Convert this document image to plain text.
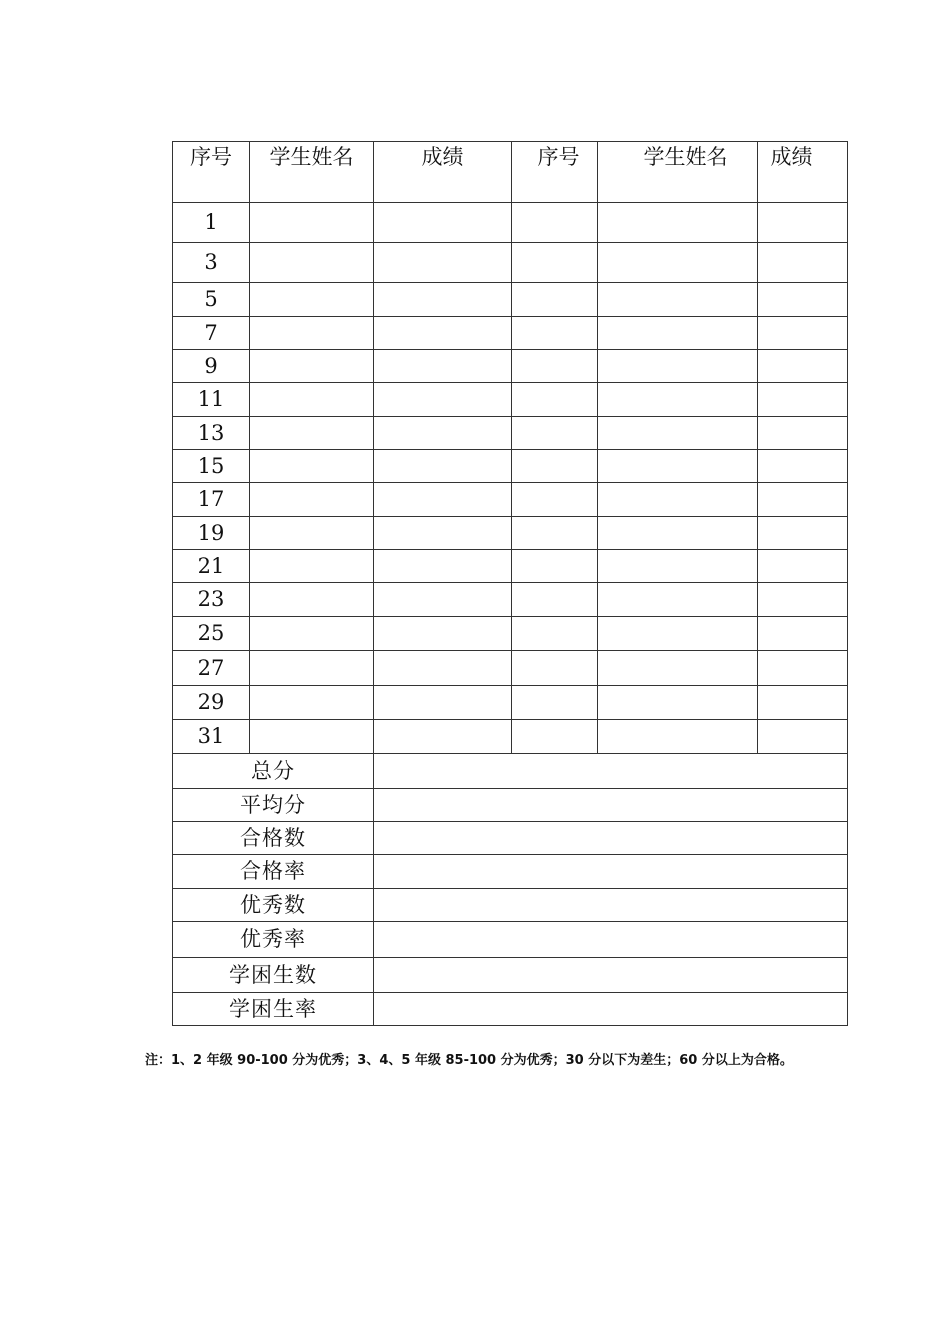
序号	学生姓名	成绩	序号	学生姓名	成绩
1					
3					
5					
7					
9					
11					
13					
15					
17					
19					
21					
23					
25					
27					
29					
31					
总分					
平均分					
合格数					
合格率					
优秀数					
优秀率					
学困生数					
学困生率					
注：1、2 年级 90-100 分为优秀；3、4、5 年级 85-100 分为优秀；30 分以下为差生；60 分以上为合格。
